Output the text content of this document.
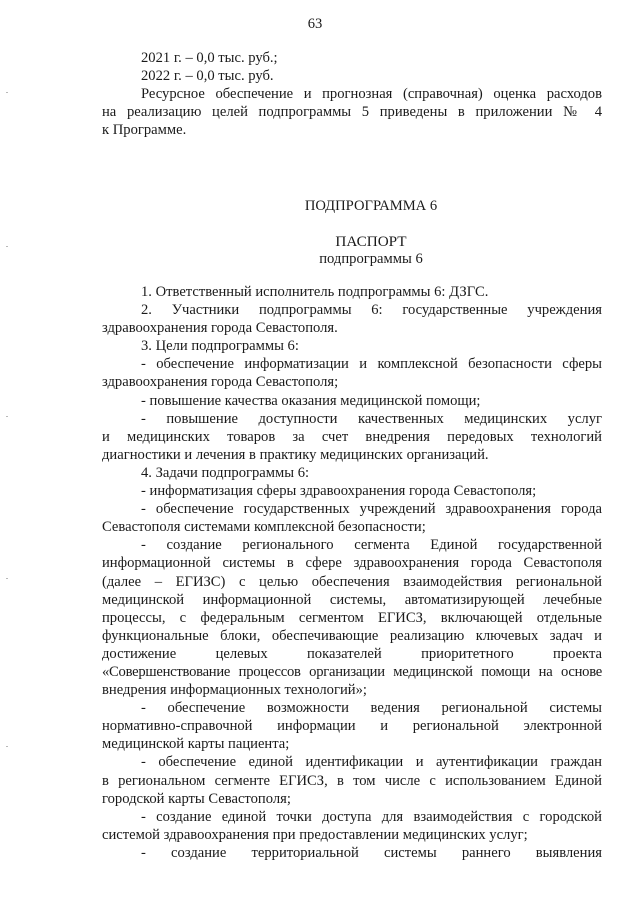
63

2021 г. – 0,0 тыс. руб.;

2022 г. – 0,0 тыс. руб.

Ресурсное обеспечение и прогнозная (справочная) оценка расходов

на реализацию целей подпрограммы 5 приведены в приложении № 4

к Программе.

ПОДПРОГРАММА 6
ПАСПОРТ
подпрограммы 6

1. Ответственный исполнитель подпрограммы 6: ДЗГС.

2. Участники подпрограммы 6: государственные учреждения

здравоохранения города Севастополя.

3. Цели подпрограммы 6:

- обеспечение информатизации и комплексной безопасности сферы

здравоохранения города Севастополя;

- повышение качества оказания медицинской помощи;

- повышение доступности качественных медицинских услуг

и медицинских товаров за счет внедрения передовых технологий

диагностики и лечения в практику медицинских организаций.

4. Задачи подпрограммы 6:

- информатизация сферы здравоохранения города Севастополя;

- обеспечение государственных учреждений здравоохранения города

Севастополя системами комплексной безопасности;

- создание регионального сегмента Единой государственной

информационной системы в сфере здравоохранения города Севастополя

(далее – ЕГИЗС) с целью обеспечения взаимодействия региональной

медицинской информационной системы, автоматизирующей лечебные

процессы, с федеральным сегментом ЕГИСЗ, включающей отдельные

функциональные блоки, обеспечивающие реализацию ключевых задач и

достижение целевых показателей приоритетного проекта

«Совершенствование процессов организации медицинской помощи на основе

внедрения информационных технологий»;

- обеспечение возможности ведения региональной системы

нормативно-справочной информации и региональной электронной

медицинской карты пациента;

- обеспечение единой идентификации и аутентификации граждан

в региональном сегменте ЕГИСЗ, в том числе с использованием Единой

городской карты Севастополя;

- создание единой точки доступа для взаимодействия с городской

системой здравоохранения при предоставлении медицинских услуг;

- создание территориальной системы раннего выявления
